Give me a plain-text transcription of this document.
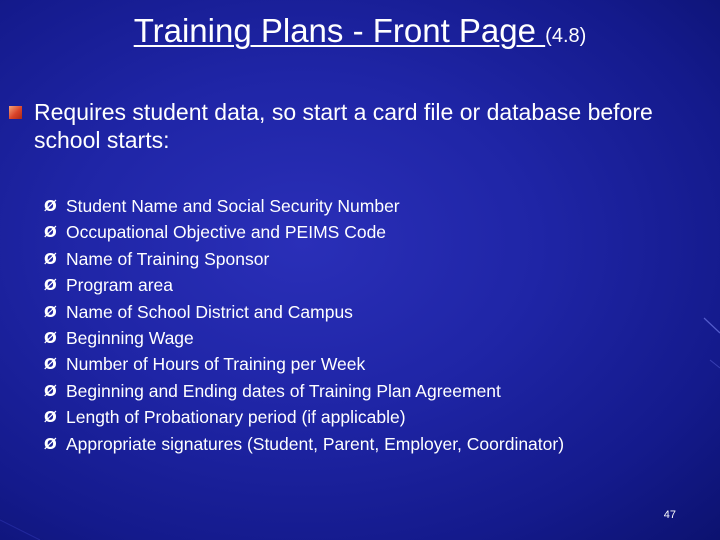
Training Plans - Front Page (4.8)
Requires student data, so start a card file or database before school starts:
Ø Student Name and Social Security Number
Ø Occupational Objective and PEIMS Code
Ø Name of Training Sponsor
Ø Program area
Ø Name of School District and Campus
Ø Beginning Wage
Ø Number of Hours of Training per Week
Ø Beginning and Ending dates of Training Plan Agreement
Ø Length of Probationary period (if applicable)
Ø Appropriate signatures (Student, Parent, Employer, Coordinator)
47
